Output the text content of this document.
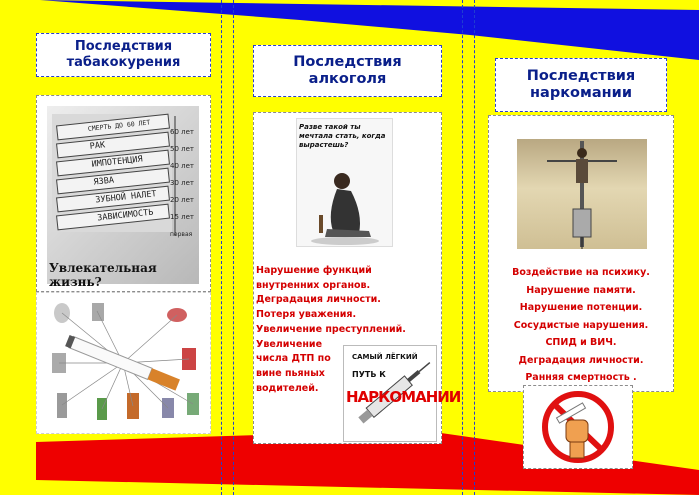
Последствия табакокурения
СМЕРТЬ ДО 60 ЛЕТ
РАК
ИМПОТЕНЦИЯ
ЯЗВА
ЗУБНОЙ НАЛЕТ
ЗАВИСИМОСТЬ
60 лет
50 лет
40 лет
30 лет
20 лет
15 лет
первая
Увлекательная жизнь?
Последствия алкоголя
Разве такой ты мечтала стать, когда вырастешь?
Нарушение функций внутренних органов.
Деградация личности.
Потеря уважения.
Увеличение преступлений.
Увеличение числа ДТП по вине пьяных водителей.
САМЫЙ ЛЁГКИЙ
ПУТЬ К
НАРКОМАНИИ
Последствия наркомании
Воздействие на психику.
Нарушение памяти.
Нарушение потенции.
Сосудистые нарушения.
СПИД и ВИЧ.
Деградация личности.
Ранняя смертность .
